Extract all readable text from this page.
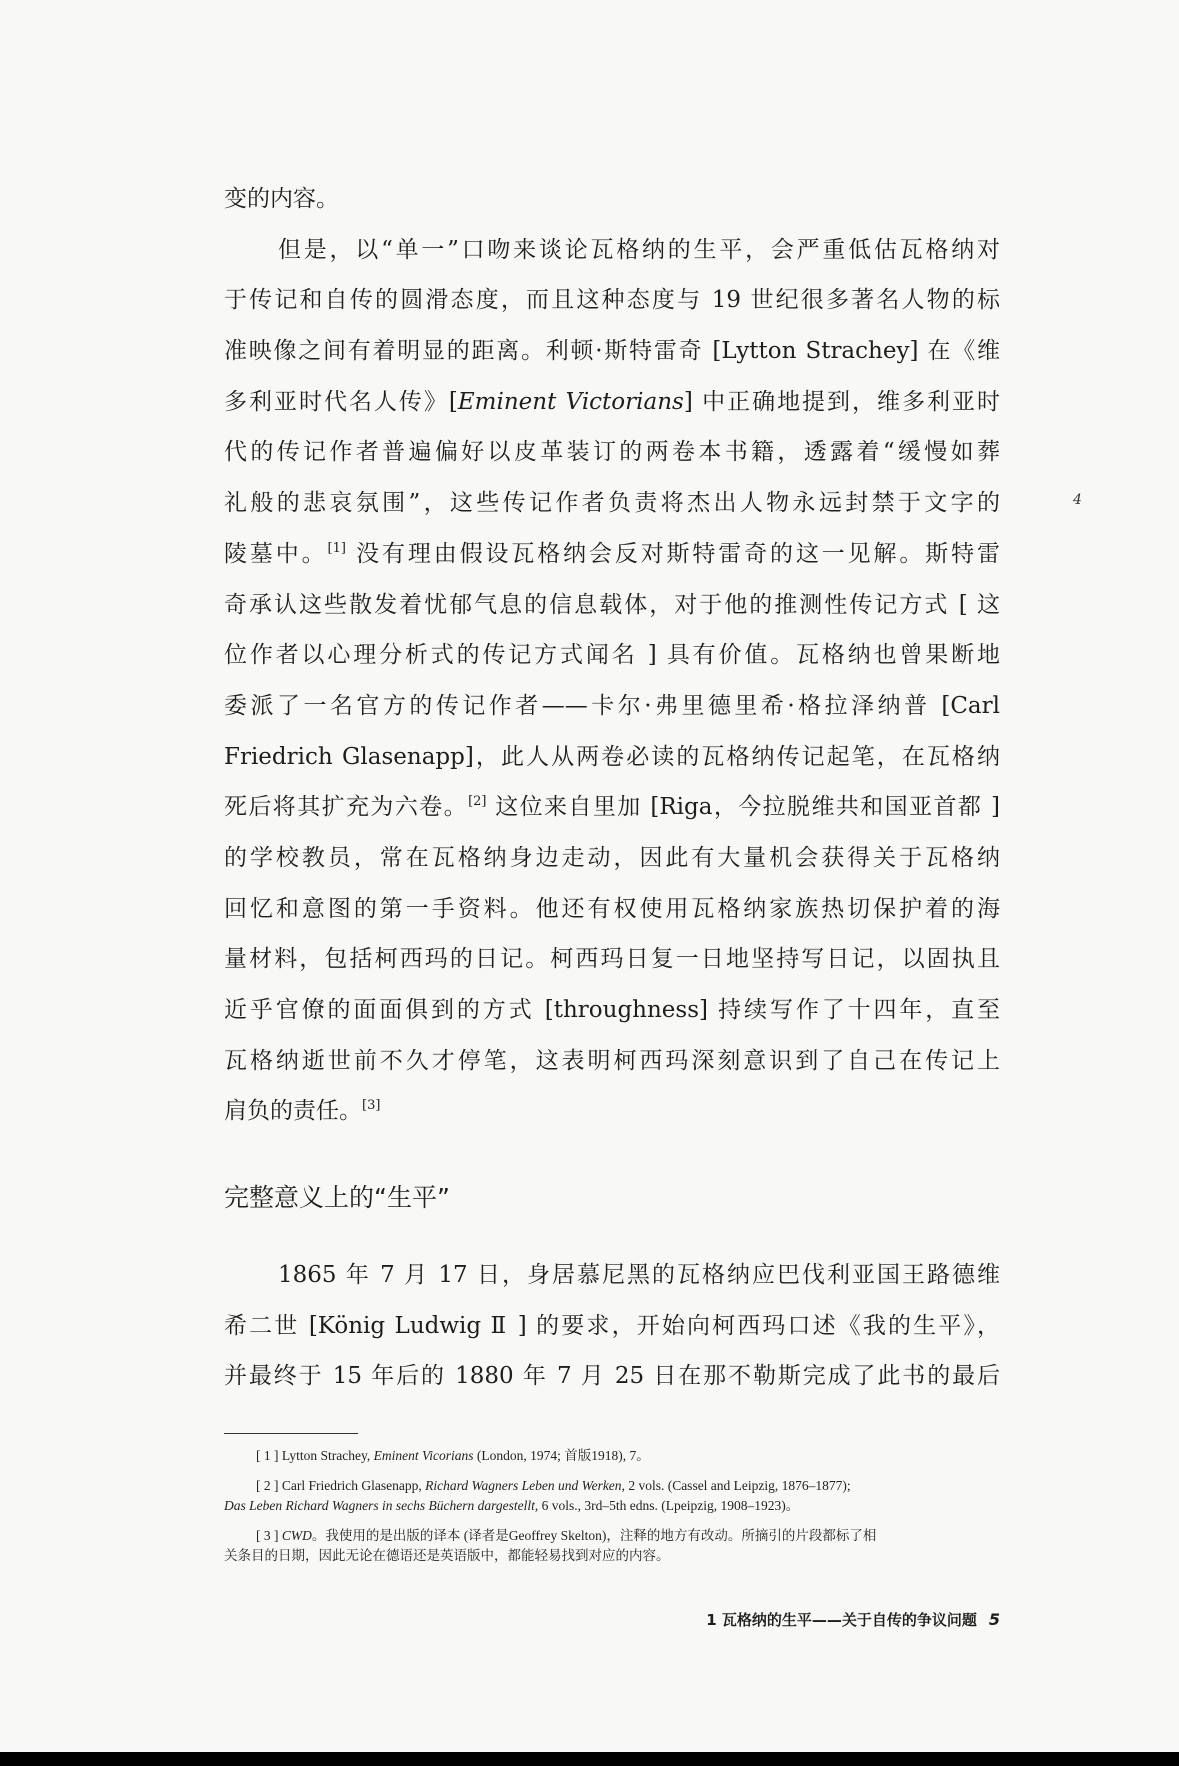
变的内容。
但是，以“单一”口吻来谈论瓦格纳的生平，会严重低估瓦格纳对
于传记和自传的圆滑态度，而且这种态度与 19 世纪很多著名人物的标
准映像之间有着明显的距离。利顿·斯特雷奇 [Lytton Strachey] 在《维
多利亚时代名人传》[Eminent Victorians] 中正确地提到，维多利亚时
代的传记作者普遍偏好以皮革装订的两卷本书籍，透露着“缓慢如葬
礼般的悲哀氛围”，这些传记作者负责将杰出人物永远封禁于文字的
陵墓中。[1] 没有理由假设瓦格纳会反对斯特雷奇的这一见解。斯特雷
奇承认这些散发着忧郁气息的信息载体，对于他的推测性传记方式 [ 这
位作者以心理分析式的传记方式闻名 ] 具有价值。瓦格纳也曾果断地
委派了一名官方的传记作者——卡尔·弗里德里希·格拉泽纳普 [Carl
Friedrich Glasenapp]，此人从两卷必读的瓦格纳传记起笔，在瓦格纳
死后将其扩充为六卷。[2] 这位来自里加 [Riga，今拉脱维共和国亚首都 ]
的学校教员，常在瓦格纳身边走动，因此有大量机会获得关于瓦格纳
回忆和意图的第一手资料。他还有权使用瓦格纳家族热切保护着的海
量材料，包括柯西玛的日记。柯西玛日复一日地坚持写日记，以固执且
近乎官僚的面面俱到的方式 [throughness] 持续写作了十四年，直至
瓦格纳逝世前不久才停笔，这表明柯西玛深刻意识到了自己在传记上
肩负的责任。[3]
4
完整意义上的“生平”
1865 年 7 月 17 日，身居慕尼黑的瓦格纳应巴伐利亚国王路德维
希二世 [König Ludwig Ⅱ ] 的要求，开始向柯西玛口述《我的生平》，
并最终于 15 年后的 1880 年 7 月 25 日在那不勒斯完成了此书的最后
[ 1 ] Lytton Strachey, Eminent Vicorians (London, 1974; 首版1918), 7。
[ 2 ] Carl Friedrich Glasenapp, Richard Wagners Leben und Werken, 2 vols. (Cassel and Leipzig, 1876–1877);
Das Leben Richard Wagners in sechs Büchern dargestellt, 6 vols., 3rd–5th edns. (Lpeipzig, 1908–1923)。
[ 3 ] CWD。我使用的是出版的译本 (译者是Geoffrey Skelton)，注释的地方有改动。所摘引的片段都标了相
关条目的日期，因此无论在德语还是英语版中，都能轻易找到对应的内容。
1 瓦格纳的生平——关于自传的争议问题 5
